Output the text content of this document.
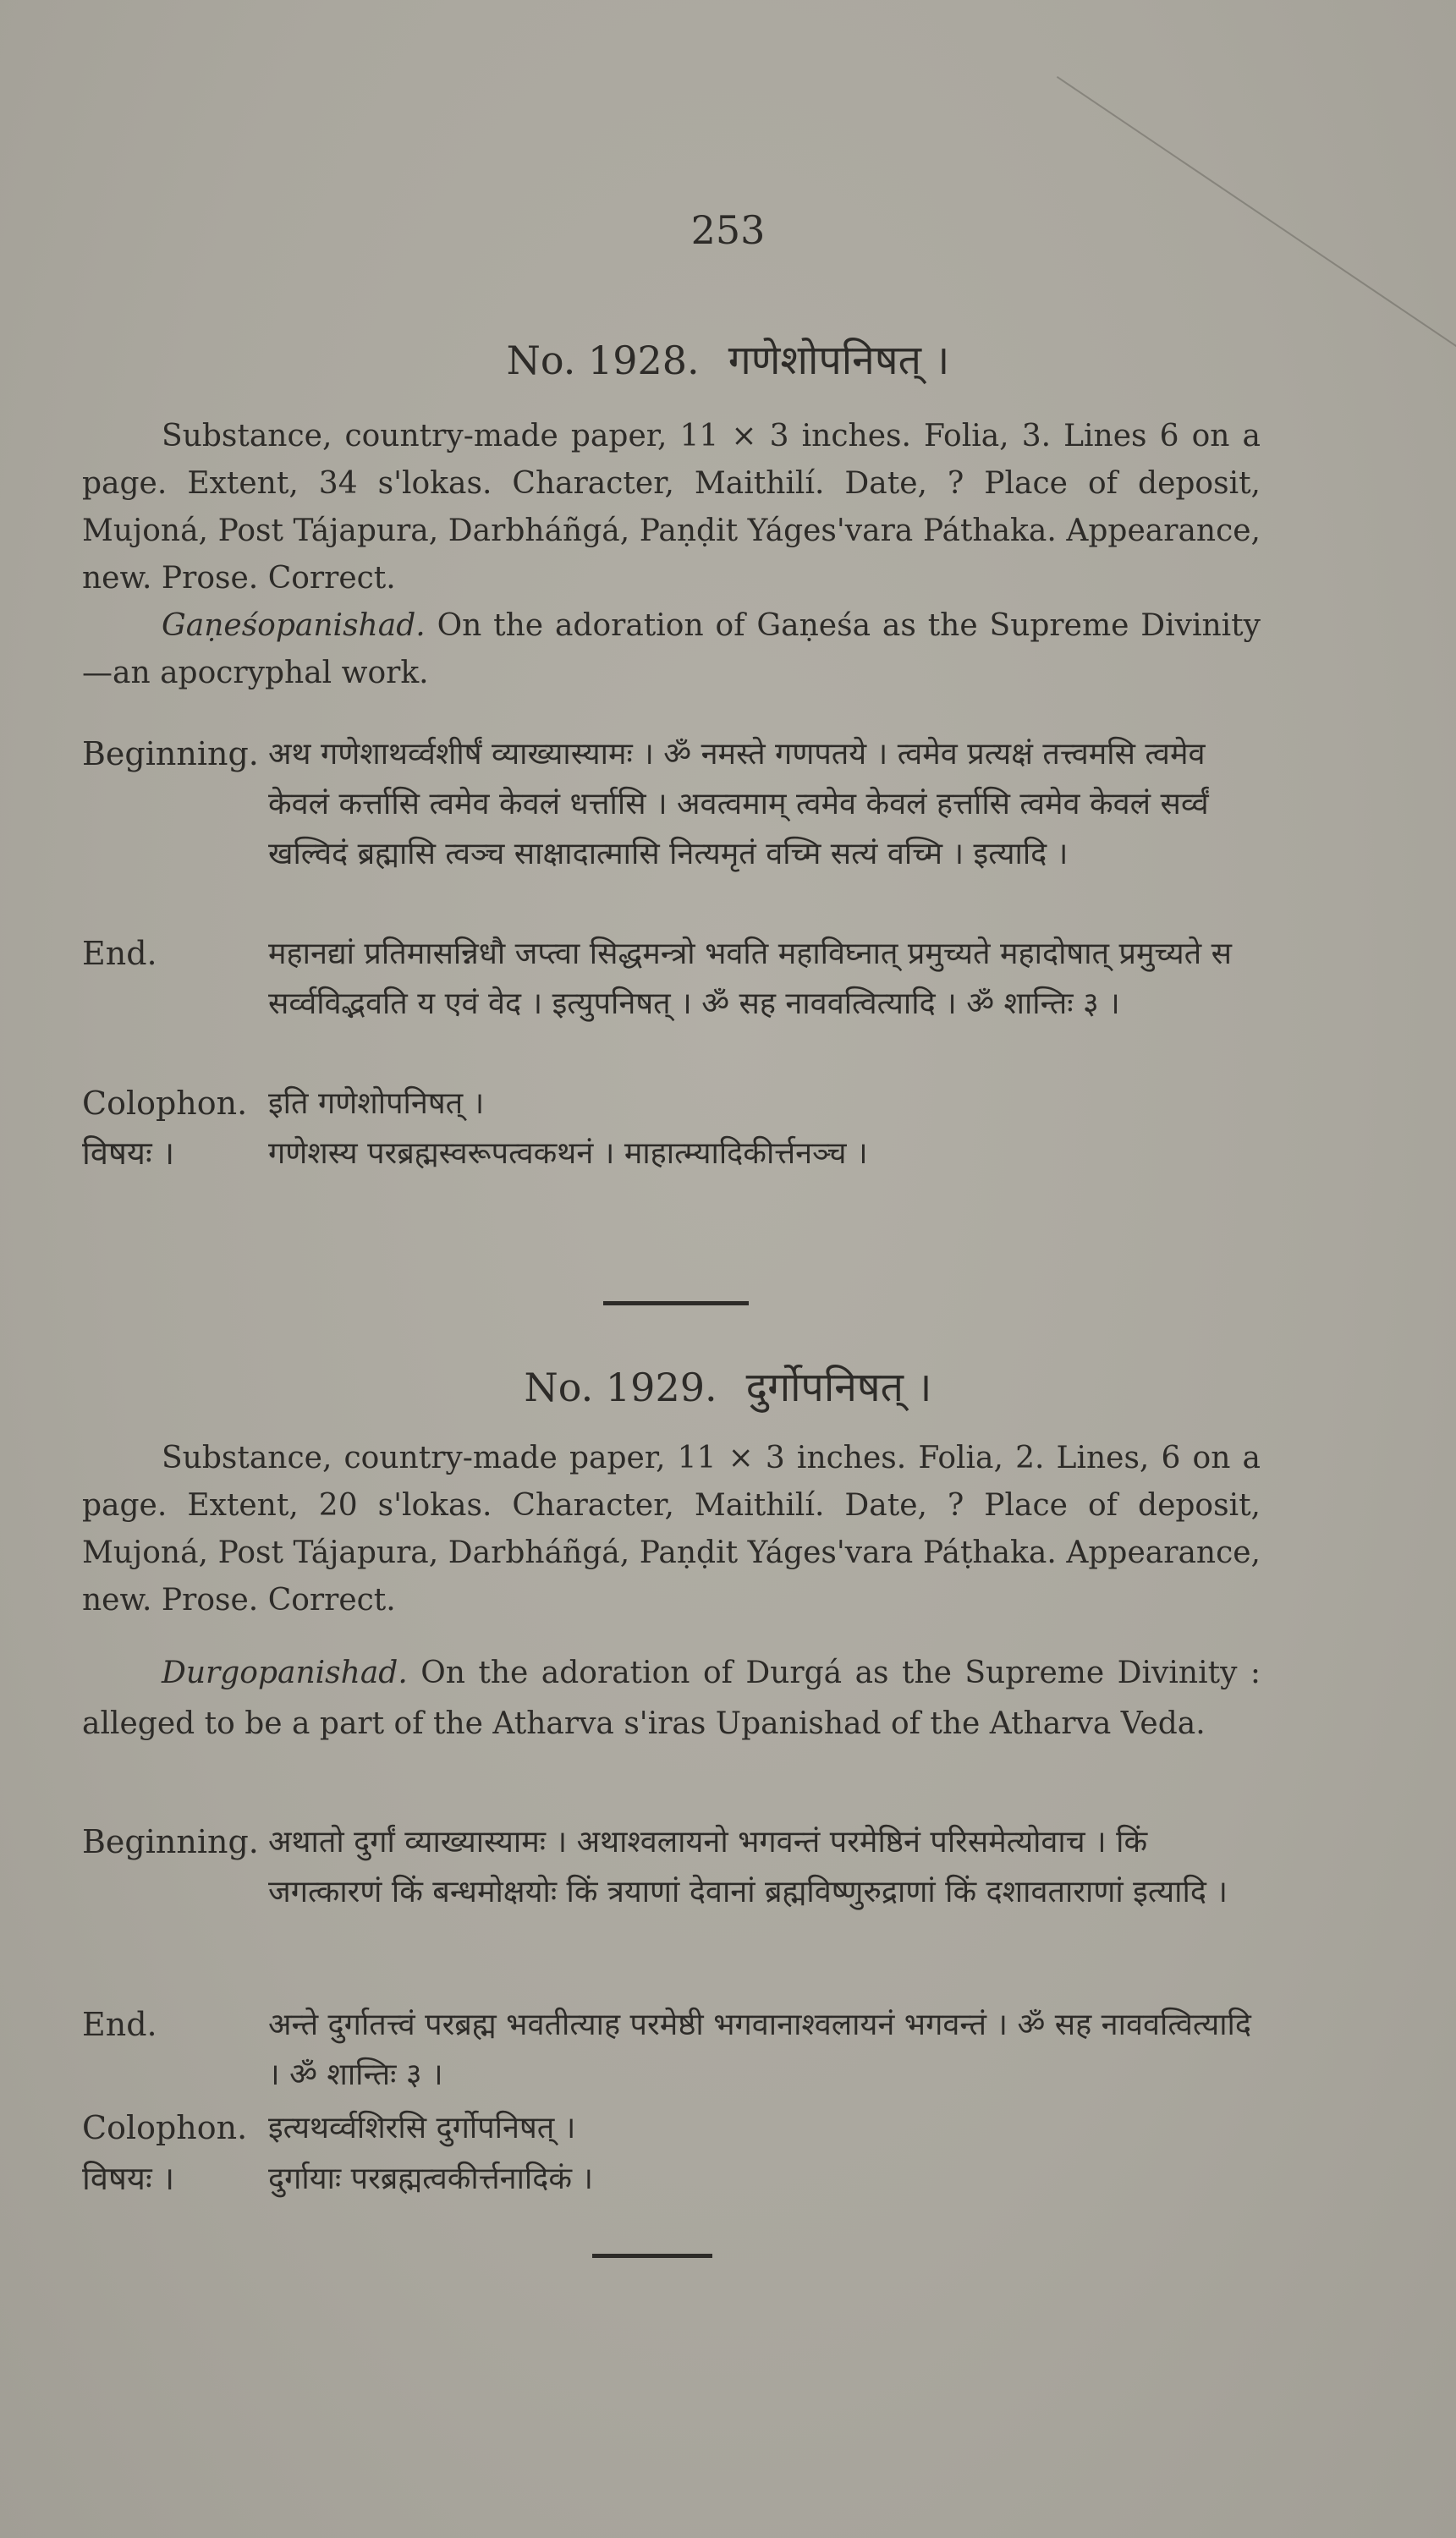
253
No. 1928. गणेशोपनिषत् ।
Substance, country-made paper, 11 × 3 inches. Folia, 3. Lines 6 on a page. Extent, 34 s'lokas. Character, Maithilí. Date, ? Place of deposit, Mujoná, Post Tájapura, Darbháñgá, Paṇḍit Yáges'vara Páthaka. Appearance, new. Prose. Correct.
Gaṇeśopanishad. On the adoration of Gaṇeśa as the Supreme Divinity—an apocryphal work.
Beginning. अथ गणेशाथर्व्वशीर्षं व्याख्यास्यामः । ॐ नमस्ते गणपतये । त्वमेव प्रत्यक्षं तत्त्वमसि त्वमेव केवलं कर्त्तासि त्वमेव केवलं धर्त्तासि । अवत्वमाम् त्वमेव केवलं हर्त्तासि त्वमेव केवलं सर्व्वं खल्विदं ब्रह्मासि त्वञ्च साक्षादात्मासि नित्यमृतं वच्मि सत्यं वच्मि । इत्यादि ।
End.	महानद्यां प्रतिमासन्निधौ जप्त्वा सिद्धमन्त्रो भवति महाविघ्नात् प्रमुच्यते महादोषात् प्रमुच्यते स सर्व्वविद्भवति य एवं वेद । इत्युपनिषत् । ॐ सह नाववत्वित्यादि । ॐ शान्तिः ३ ।
Colophon. इति गणेशोपनिषत् ।
विषयः ।	गणेशस्य परब्रह्मस्वरूपत्वकथनं । माहात्म्यादिकीर्त्तनञ्च ।
No. 1929. दुर्गोपनिषत् ।
Substance, country-made paper, 11 × 3 inches. Folia, 2. Lines, 6 on a page. Extent, 20 s'lokas. Character, Maithilí. Date, ? Place of deposit, Mujoná, Post Tájapura, Darbháñgá, Paṇḍit Yáges'vara Páṭhaka. Appearance, new. Prose. Correct.
Durgopanishad. On the adoration of Durgá as the Supreme Divinity : alleged to be a part of the Atharva s'iras Upanishad of the Atharva Veda.
Beginning. अथातो दुर्गां व्याख्यास्यामः । अथाश्वलायनो भगवन्तं परमेष्ठिनं परिसमेत्योवाच । किं जगत्कारणं किं बन्धमोक्षयोः किं त्रयाणां देवानां ब्रह्मविष्णुरुद्राणां किं दशावताराणां इत्यादि ।
End.	अन्ते दुर्गातत्त्वं परब्रह्म भवतीत्याह परमेष्ठी भगवानाश्वलायनं भगवन्तं । ॐ सह नाववत्वित्यादि । ॐ शान्तिः ३ ।
Colophon. इत्यथर्व्वशिरसि दुर्गोपनिषत् ।
विषयः ।	दुर्गायाः परब्रह्मत्वकीर्त्तनादिकं ।
